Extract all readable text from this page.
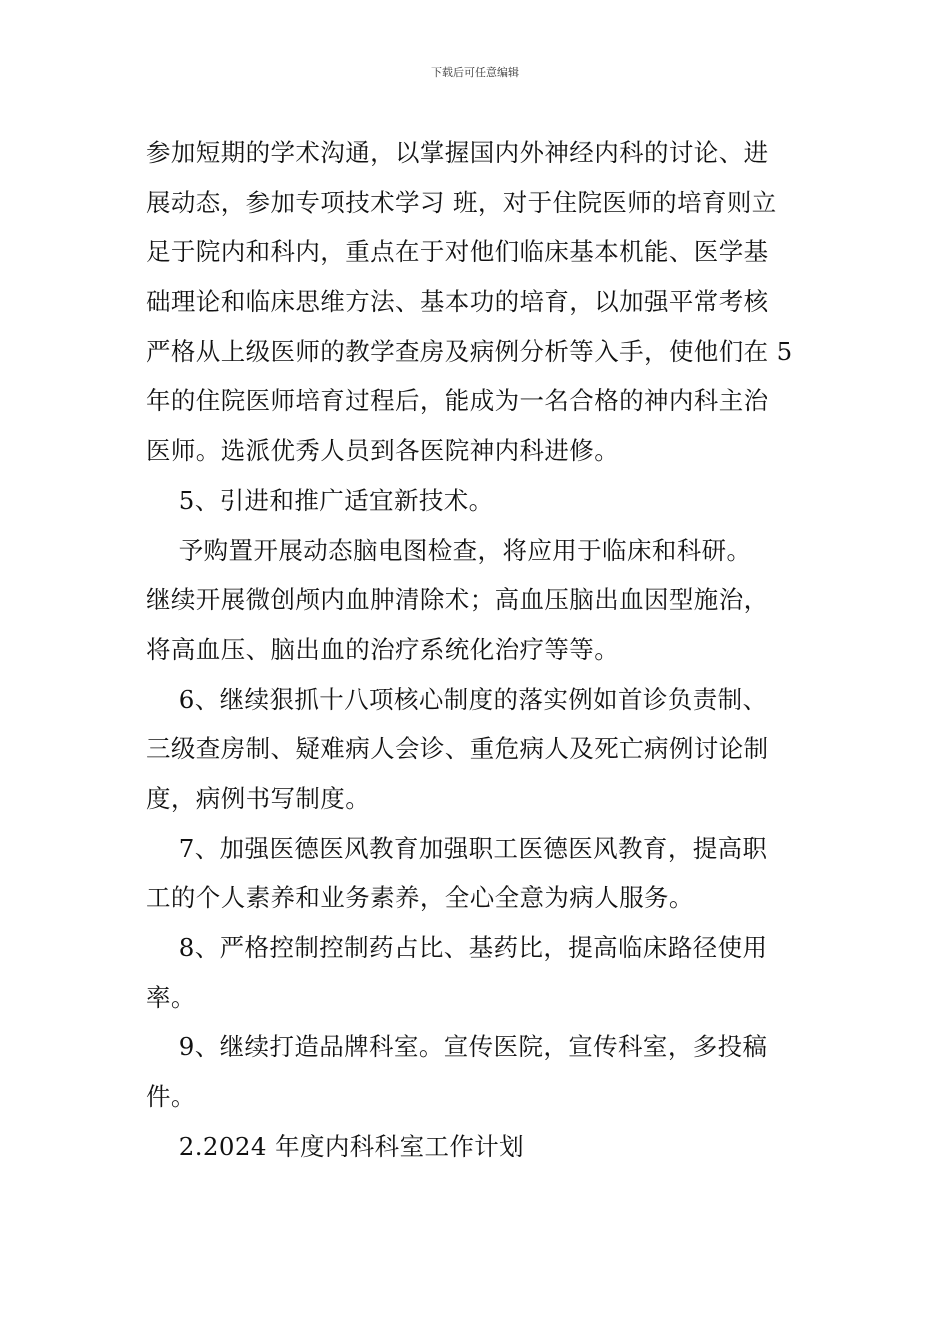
下载后可任意编辑
参加短期的学术沟通，以掌握国内外神经内科的讨论、进
展动态，参加专项技术学习 班，对于住院医师的培育则立
足于院内和科内，重点在于对他们临床基本机能、医学基
础理论和临床思维方法、基本功的培育，以加强平常考核
严格从上级医师的教学查房及病例分析等入手，使他们在 5
年的住院医师培育过程后，能成为一名合格的神内科主治
医师。选派优秀人员到各医院神内科进修。
5、引进和推广适宜新技术。
予购置开展动态脑电图检查，将应用于临床和科研。
继续开展微创颅内血肿清除术；高血压脑出血因型施治，
将高血压、脑出血的治疗系统化治疗等等。
6、继续狠抓十八项核心制度的落实例如首诊负责制、
三级查房制、疑难病人会诊、重危病人及死亡病例讨论制
度，病例书写制度。
7、加强医德医风教育加强职工医德医风教育，提高职
工的个人素养和业务素养，全心全意为病人服务。
8、严格控制控制药占比、基药比，提高临床路径使用
率。
9、继续打造品牌科室。宣传医院，宣传科室，多投稿
件。
2.2024 年度内科科室工作计划
